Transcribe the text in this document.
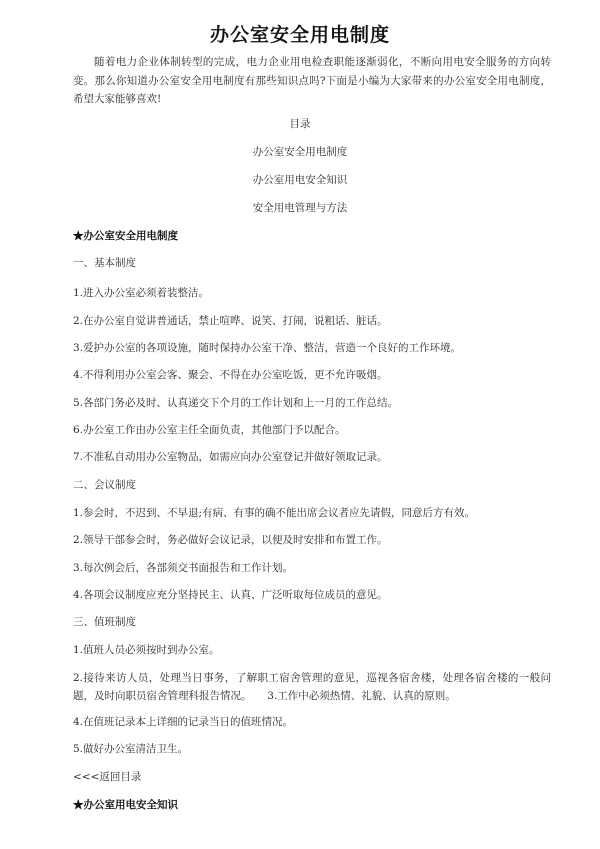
办公室安全用电制度
随着电力企业体制转型的完成，电力企业用电检查职能逐渐弱化，不断向用电安全服务的方向转变。那么你知道办公室安全用电制度有那些知识点吗?下面是小编为大家带来的办公室安全用电制度，希望大家能够喜欢!
目录
办公室安全用电制度
办公室用电安全知识
安全用电管理与方法
★办公室安全用电制度
一、基本制度
1.进入办公室必须着装整洁。
2.在办公室自觉讲普通话，禁止喧哗、说笑、打闹，说粗话、脏话。
3.爱护办公室的各项设施，随时保持办公室干净、整洁，营造一个良好的工作环境。
4.不得利用办公室会客、聚会、不得在办公室吃饭，更不允许吸烟。
5.各部门务必及时、认真递交下个月的工作计划和上一月的工作总结。
6.办公室工作由办公室主任全面负责，其他部门予以配合。
7.不准私自动用办公室物品，如需应向办公室登记并做好领取记录。
二、会议制度
1.参会时，不迟到、不早退;有病、有事的确不能出席会议者应先请假，同意后方有效。
2.领导干部参会时，务必做好会议记录，以便及时安排和布置工作。
3.每次例会后，各部须交书面报告和工作计划。
4.各项会议制度应充分坚持民主、认真、广泛听取每位成员的意见。
三、值班制度
1.值班人员必须按时到办公室。
2.接待来访人员，处理当日事务，了解职工宿舍管理的意见，巡视各宿舍楼，处理各宿舍楼的一般问题，及时向职员宿舍管理科报告情况。　　3.工作中必须热情、礼貌、认真的原则。
4.在值班记录本上详细的记录当日的值班情况。
5.做好办公室清洁卫生。
<<<返回目录
★办公室用电安全知识
